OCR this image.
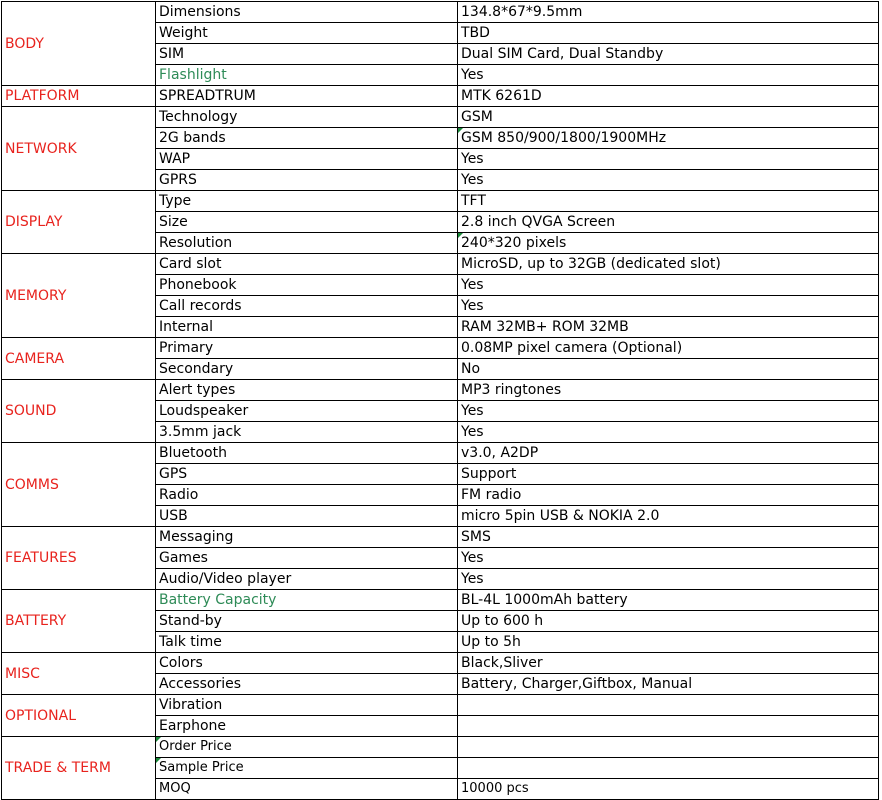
BODY	Dimensions	134.8*67*9.5mm
	Weight	TBD
	SIM	Dual SIM Card, Dual Standby
	Flashlight	Yes
PLATFORM	SPREADTRUM	MTK 6261D
NETWORK	Technology	GSM
	2G bands	GSM 850/900/1800/1900MHz
	WAP	Yes
	GPRS	Yes
DISPLAY	Type	TFT
	Size	2.8 inch QVGA Screen
	Resolution	240*320 pixels
MEMORY	Card slot	MicroSD, up to 32GB (dedicated slot)
	Phonebook	Yes
	Call records	Yes
	Internal	RAM 32MB+ ROM 32MB
CAMERA	Primary	0.08MP pixel camera (Optional)
	Secondary	No
SOUND	Alert types	MP3 ringtones
	Loudspeaker	Yes
	3.5mm jack	Yes
COMMS	Bluetooth	v3.0, A2DP
	GPS	Support
	Radio	FM radio
	USB	micro 5pin USB & NOKIA 2.0
FEATURES	Messaging	SMS
	Games	Yes
	Audio/Video player	Yes
BATTERY	Battery Capacity	BL-4L 1000mAh battery
	Stand-by	Up to 600 h
	Talk time	Up to 5h
MISC	Colors	Black,Sliver
	Accessories	Battery, Charger,Giftbox, Manual
OPTIONAL	Vibration	
	Earphone	
TRADE & TERM	Order Price	
	Sample Price	
	MOQ	10000 pcs
